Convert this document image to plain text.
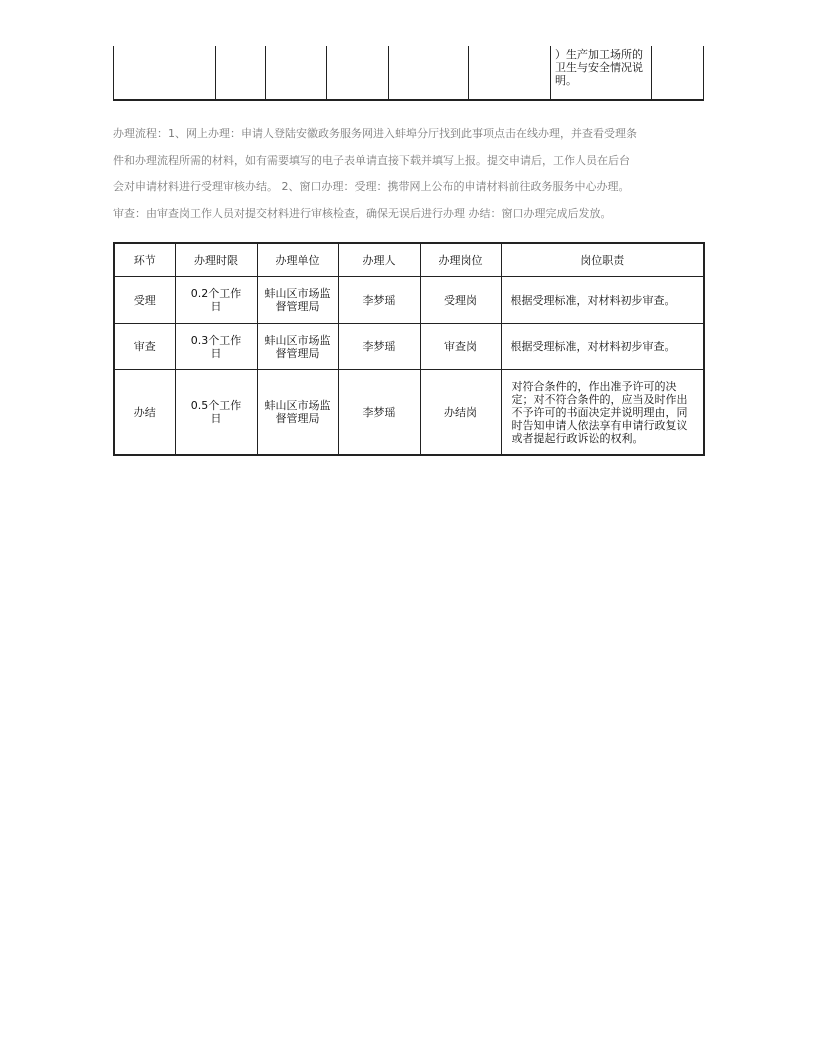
						）生产加工场所的卫生与安全情况说明。	

办理流程：1、网上办理：申请人登陆安徽政务服务网进入蚌埠分厅找到此事项点击在线办理，并查看受理条

件和办理流程所需的材料，如有需要填写的电子表单请直接下载并填写上报。提交申请后，工作人员在后台

会对申请材料进行受理审核办结。 2、窗口办理：受理：携带网上公布的申请材料前往政务服务中心办理。

审查：由审查岗工作人员对提交材料进行审核检查，确保无误后进行办理 办结：窗口办理完成后发放。

环节	办理时限	办理单位	办理人	办理岗位	岗位职责
受理	0.2个工作日	蚌山区市场监督管理局	李梦瑶	受理岗	根据受理标准，对材料初步审查。
审查	0.3个工作日	蚌山区市场监督管理局	李梦瑶	审查岗	根据受理标准，对材料初步审查。
办结	0.5个工作日	蚌山区市场监督管理局	李梦瑶	办结岗	对符合条件的，作出准予许可的决定；对不符合条件的，应当及时作出不予许可的书面决定并说明理由，同时告知申请人依法享有申请行政复议或者提起行政诉讼的权利。
